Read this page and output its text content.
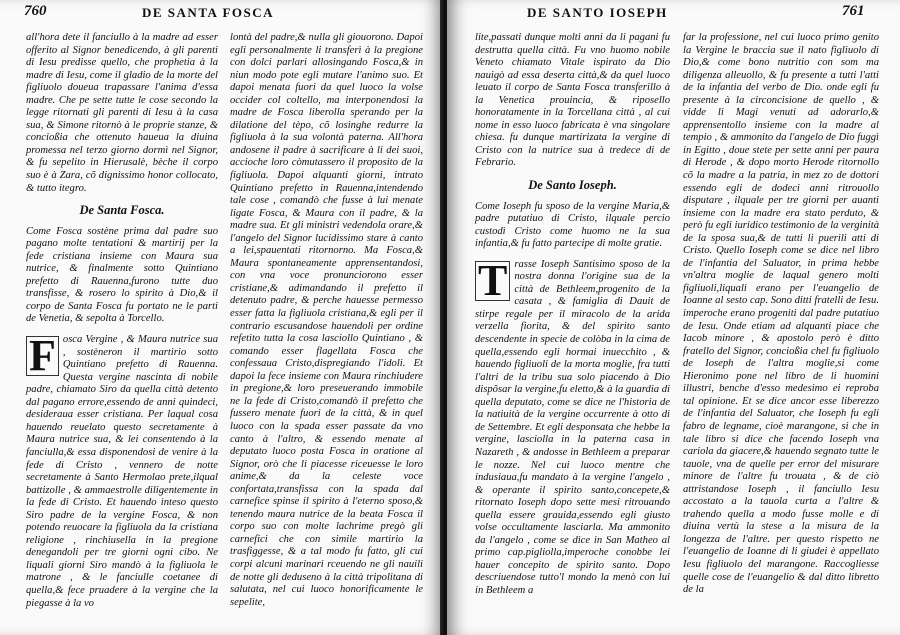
760	DE SANTA FOSCA

all'hora dete il fanciullo à la madre ad esser offerito al Signor benedicendo, à gli parenti di Iesu predisse quello, che prophetia à la madre di Iesu, come il gladio de la morte del figliuolo doueua trapassare l'anima d'essa madre. Che pe sette tutte le cose secondo la legge ritornati gli parenti di Iesu à la casa sua, & Simone ritornò à le proprie stanze, & concioßia che ottenuto haueua la diuina promessa nel terzo giorno dormì nel Signor, & fu sepelito in Hierusalè, bèche il corpo suo è à Zara, cõ dignissimo honor collocato, & tutto itegro.

De Santa Fosca.

Come Fosca sostène prima dal padre suo pagano molte tentationi & martirij per la fede cristiana insieme con Maura sua nutrice, & finalmente sotto Quintiano prefetto di Rauenna,furono tutte duo transfisse, & rosero lo spirito à Dio,& il corpo de Santa Fosca fu portato ne le parti de Venetia, & sepolta à Torcello.

F osca Vergine , & Maura nutrice sua , sostèneron il martirio sotto Quintiano prefetto di Rauenna. Questa vergine nascinta di nobile padre, chiamato Siro da quella città detento dal pagano errore,essendo de anni quindeci, desideraua esser cristiana. Per laqual cosa hauendo reuelato questo secretamente à Maura nutrice sua, & lei consentendo à la fanciulla,& essa disponendosi de venire à la fede di Cristo , vennero de notte secretamente à Santo Hermolao prete,ilqual battizolle , & ammaestrolle diligentemente in la fede di Cristo. Et hauendo inteso questo Siro padre de la vergine Fosca, & non potendo reuocare la figliuola da la cristiana religione , rinchiusella in la pregione denegandoli per tre giorni ogni cibo. Ne liquali giorni Siro mandò à la figliuola le matrone , & le fanciulle coetanee di quella,& fece pruadere à la vergine che la piegasse à la vo

lontà del padre,& nulla gli giouorono. Dapoi egli personalmente li transferì à la pregione con dolci parlari allosingando Fosca,& in niun modo pote egli mutare l'animo suo. Et dapoi menata fuori da quel luoco la volse occider col coltello, ma interponendosi la madre de Fosca liberolla sperando per la dilatione del tèpo, cõ losinghe redurre la figliuola à la sua volontà paterna. All'hora andosene il padre à sacrificare à li dei suoi, accioche loro còmutassero il proposito de la figliuola. Dapoi alquanti giorni, intrato Quintiano prefetto in Rauenna,intendendo tale cose , comandò che fusse à lui menate ligate Fosca, & Maura con il padre, & la madre sua. Et gli ministri vedendola orare,& l'angelo del Signor lucidissimo stare à canto a lei,spauentati ritornorno. Ma Fosca,& Maura spontaneamente apprensentandosi, con vna voce pronunciorono esser cristiane,& adimandando il prefetto il detenuto padre, & perche hauesse permesso esser fatta la figliuola cristiana,& egli per il contrario escusandose hauendoli per ordine refetito tutta la cosa lasciollo Quintiano , & comando esser flagellata Fosca che confessaua Cristo,dispregiando l'idoli. Et dapoi la fece insieme con Maura rinchiudere in pregione,& loro preseuerando immobile ne la fede di Cristo,comandò il prefetto che fussero menate fuori de la città, & in quel luoco con la spada esser passate da vno canto à l'altro, & essendo menate al deputato luoco posta Fosca in oratione al Signor, orò che li piacesse riceuesse le loro anime,& da la celeste voce confortata,transfissa con la spada dal carnefice spinse il spirito à l'eterno sposo,& tenendo maura nutrice de la beata Fosca il corpo suo con molte lachrime pregò gli carnefici che con simile martirio la trasfiggesse, & a tal modo fu fatto, gli cui corpi alcuni marinari rceuendo ne gli nauili de notte gli deduseno à la città tripolitana di salutata, nel cui luoco honorificamente le sepelite,

DE SANTO IOSEPH	761

lite,passati dunque molti anni da li pagani fu destrutta quella città. Fu vno huomo nobile Veneto chiamato Vitale ispirato da Dio nauigò ad essa deserta città,& da quel luoco leuato il corpo de Santa Fosca transferillo à la Venetica prouincia, & riposello honoratamente in la Torcellana città , al cui nome in esso luoco fabricata è vna singolare chiesa. fu dunque martirizata la vergine di Cristo con la nutrice sua à tredece di de Febrario.

De Santo Ioseph.

Come Ioseph fu sposo de la vergine Maria,& padre putatiuo di Cristo, ilquale percio custodì Cristo come huomo ne la sua infantia,& fu fatto partecipe di molte gratie.

T rasse Ioseph Santisimo sposo de la nostra donna l'origine sua de la città de Bethleem,progenito de la casata , & famiglia di Dauit de stirpe regale per il miracolo de la arida verzella fiorita, & del spirito santo descendente in specie de colòba in la cima de quella,essendo egli hormai inuecchito , & hauendo figliuoli de la morta moglie, fra tutti l'altri de la tribu sua solo piacendo à Dio dispõsar la vergine,fu eletto,& à la guardia di quella deputato, come se dice ne l'historia de la natiuità de la vergine occurrente à otto di de Settembre. Et egli desponsata che hebbe la vergine, lasciolla in la paterna casa in Nazareth , & andosse in Bethleem a preparar le nozze. Nel cui luoco mentre che indusiaua,fu mandato à la vergine l'angelo , & operante il spirito santo,concepete,& ritornato Ioseph dopo sette mesi ritrouando quella essere grauida,essendo egli giusto volse occultamente lasciarla. Ma ammonito da l'angelo , come se dice in San Matheo al primo cap.pigliolla,imperoche conobbe lei hauer concepito de spirito santo. Dopo descriuendose tutto'l mondo la menò con lui in Bethleem a

far la professione, nel cui luoco primo genito la Vergine le braccia sue il nato figliuolo di Dio,& come bono nutritio con som ma diligenza alleuollo, & fu presente a tutti l'atti de la infantia del verbo de Dio. onde egli fu presente à la circoncisione de quello , & vidde li Magi venuti ad adorarlo,& apprensentollo insieme con la madre al tempio , & ammonito da l'angelo de Dio fuggì in Egitto , doue stete per sette anni per paura di Herode , & dopo morto Herode ritornollo cõ la madre a la patria, in mez zo de dottori essendo egli de dodeci anni ritrouollo disputare , ilquale per tre giorni per auanti insieme con la madre era stato perduto, & però fu egli iuridico testimonio de la verginità de la sposa sua,& de tutti li puerili atti di Cristo. Quello Ioseph come se dice nel libro de l'infantia del Saluator, in prima hebbe vn'altra moglie de laqual genero molti figliuoli,liquali erano per l'euangelio de Ioanne al sesto cap. Sono ditti fratelli de Iesu. imperoche erano progeniti dal padre putatiuo de Iesu. Onde etiam ad alquanti piace che Iacob minore , & apostolo però è ditto fratello del Signor, concioßia chel fu figliuolo de Ioseph de l'altra moglie,si come Hieronimo pone nel libro de li huomini illustri, benche d'esso medesimo ei reproba tal opinione. Et se dice ancor esse liberezzo de l'infantia del Saluator, che Ioseph fu egli fabro de legname, cioè marangone, si che in tale libro si dice che facendo Ioseph vna cariola da giacere,& hauendo segnato tutte le tauole, vna de quelle per error del misurare minore de l'altre fu trouata , & de ciò attristandose Ioseph , il fanciullo Iesu accostato a la tauola curta a l'altre & trahendo quella a modo fusse molle e di diuina vertù la stese a la misura de la longezza de l'altre. per questo rispetto ne l'euangelio de Ioanne di li giudei è appellato Iesu figliuolo del marangone. Raccogliesse quelle cose de l'euangelio & dal ditto libretto de la
